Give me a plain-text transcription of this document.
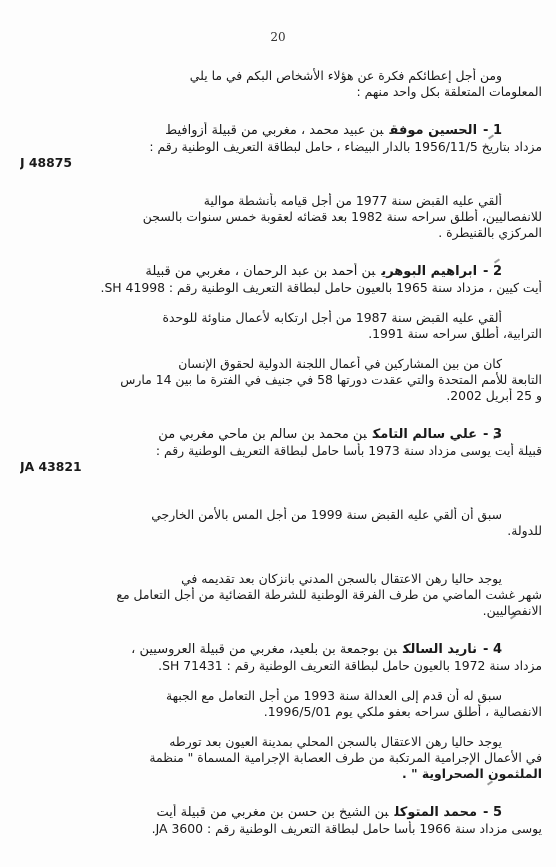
20
ومن أجل إعطائكم فكرة عن هؤلاء الأشخاص البكم في ما يلي
المعلومات المتعلقة بكل واحد منهم :
1 -الحسين موفقبن عبيد محمد ، مغربي من قبيلة أزوافيط
مزداد بتاريخ 1956/11/5 بالدار البيضاء ، حامل لبطاقة التعريف الوطنية رقم :
J 48875
ألقي عليه القبض سنة 1977 من أجل قيامه بأنشطة موالية
للانفصاليين، أطلق سراحه سنة 1982 بعد قضائه لعقوبة خمس سنوات بالسجن
المركزي بالقنيطرة .
2 -ابراهيم البوهريبن أحمد بن عبد الرحمان ، مغربي من قبيلة
أيت كيين ، مزداد سنة 1965 بالعيون حامل لبطاقة التعريف الوطنية رقم : SH 41998.
ألقي عليه القبض سنة 1987 من أجل ارتكابه لأعمال مناوئة للوحدة
الترابية، أطلق سراحه سنة 1991.
كان من بين المشاركين في أعمال اللجنة الدولية لحقوق الإنسان
التابعة للأمم المتحدة والتي عقدت دورتها 58 في جنيف في الفترة ما بين 14 مارس
و 25 أبريل 2002.
3 -علي سالم التامكبن محمد بن سالم بن ماحي مغربي من
قبيلة أيت يوسى مزداد سنة 1973 بأسا حامل لبطاقة التعريف الوطنية رقم :
JA 43821
سبق أن ألقي عليه القبض سنة 1999 من أجل المس بالأمن الخارجي
للدولة.
يوجد حاليا رهن الاعتقال بالسجن المدني بانزكان بعد تقديمه في
شهر غشت الماضي من طرف الفرقة الوطنية للشرطة القضائية من أجل التعامل مع
الانفصاليين.
4 -ناريد السالكبن بوجمعة بن بلعيد، مغربي من قبيلة العروسيين ،
مزداد سنة 1972 بالعيون حامل لبطاقة التعريف الوطنية رقم : SH 71431.
سبق له أن قدم إلى العدالة سنة 1993 من أجل التعامل مع الجبهة
الانفصالية ، أطلق سراحه بعفو ملكي يوم 1996/5/01.
يوجد حاليا رهن الاعتقال بالسجن المحلي بمدينة العيون بعد تورطه
في الأعمال الإجرامية المرتكبة من طرف العصابة الإجرامية المسماة " منظمة
الملثمون الصحراوية " .
5 -محمد المتوكلبن الشيخ بن حسن بن مغربي من قبيلة أيت
يوسى مزداد سنة 1966 بأسا حامل لبطاقة التعريف الوطنية رقم : JA 3600.
